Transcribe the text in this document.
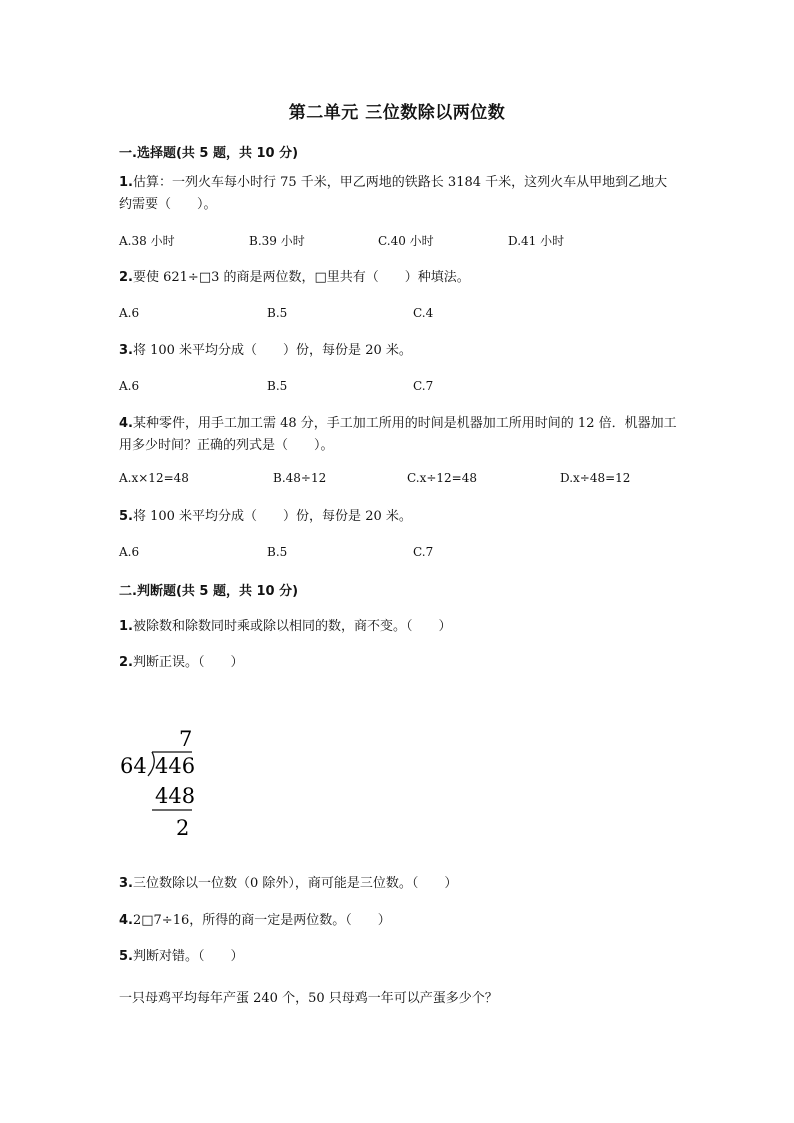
第二单元 三位数除以两位数
一.选择题(共 5 题，共 10 分)
1.估算：一列火车每小时行 75 千米，甲乙两地的铁路长 3184 千米，这列火车从甲地到乙地大约需要（　　）。
A.38 小时	B.39 小时	C.40 小时	D.41 小时
2.要使 621÷□3 的商是两位数，□里共有（　　）种填法。
A.6	B.5	C.4
3.将 100 米平均分成（　　）份，每份是 20 米。
A.6	B.5	C.7
4.某种零件，用手工加工需 48 分，手工加工所用的时间是机器加工所用时间的 12 倍．机器加工用多少时间？正确的列式是（　　）。
A.x×12=48	B.48÷12	C.x÷12=48	D.x÷48=12
5.将 100 米平均分成（　　）份，每份是 20 米。
A.6	B.5	C.7
二.判断题(共 5 题，共 10 分)
1.被除数和除数同时乘或除以相同的数，商不变。（　　）
2.判断正误。（　　）
7
64 446
448
2
3.三位数除以一位数（0 除外），商可能是三位数。（　　）
4.2□7÷16，所得的商一定是两位数。（　　）
5.判断对错。（　　）
一只母鸡平均每年产蛋 240 个，50 只母鸡一年可以产蛋多少个？
